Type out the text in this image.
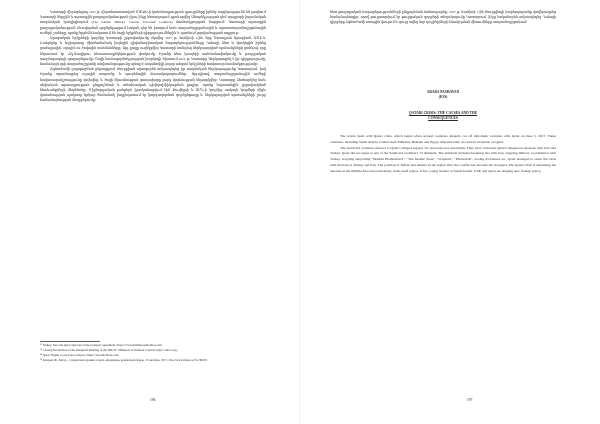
Կատարի վերաբերյալ 2015 թ. վերահաստատված ՄԱԳԽ-ի կանոնադրության դրույթները իրենց ազդեցությունն են թողնում Կատարի ներքին և արտաքին քաղաքականության վրա, ինչը հետագայում դրսևորվեց Ահաբեկչության դեմ պայքարի իսլամական ռազմական կոալիցիայում (The Islamic Military Counter Terrorism Coalition) մասնակցության հարցում։ Կատարի արտաքին քաղաքականության ձևավորման գործընթացում էական դեր են խաղում նաև տարածաշրջանային և արտատարածաշրջանային ուժերի շահերը, որոնք երբեմն հակասում են ծոցի երկրների դիրքորոշումներին և դառնում լարվածության աղբյուր։

Արաբական երկրների կողմից Կատարի շրջափակումը սկսվեց 2017 թ. հունիսի 5-ին, երբ Սաուդյան Արաբիան, ԱՄԷ-ն, Բահրեյնը և Եգիպտոսը միաժամանակ խզեցին դիվանագիտական հարաբերությունները Դոհայի հետ և փակեցին իրենց ցամաքային, օդային ու ծովային սահմանները։ Այդ քայլը ուղեկցվեց Կատարի հանդեպ ներկայացված պահանջների ցանկով, որը ներառում էր «Ալ-Ջազիրա» հեռուստաընկերության փակումը, Իրանի հետ կապերի սահմանափակումը և թուրքական ռազմաբազայի դադարեցումը։ Ծոցի համագործակցության խորհրդի նիստում 2022 թ. Կատարը ներկայացրել է իր դիրքորոշումը, համաձայն որի տարածաշրջանի անվտանգությունը պետք է ապահովվի բոլոր անդամ երկրների հավասար մասնակցությամբ։

Ճգնաժամի զարգացման ընթացքում Թուրքիան արագորեն ամրապնդեց իր ռազմական ներկայությունը Կատարում, իսկ Իրանը տրամադրեց օդային տարածք և պարենային մատակարարումներ։ Այդպիսով, տարածաշրջանային ուժերի հավասարակշռությունը փոխվեց, և ծոցի միասնության գաղափարը լուրջ փորձության ենթարկվեց։ Կատարը ձեռնարկեց նաև սեփական արտադրության ընդլայնման և տնտեսական դիվերսիֆիկացման քայլեր, որոնք նպաստեցին շրջափակման հետևանքների մեղմմանը։ Միջնորդական ջանքերն իրականացվում էին Քուվեյթի և ԱՄՆ-ի կողմից, սակայն կողմերի միջև վստահության պակասը երկար ժամանակ խոչընդոտում էր կարգավորման գործընթացը և ներկայացված պահանջների շուրջ համաձայնության ձեռքբերումը։

¹² Turkey, Iran and Qatar sign new trade-transport agreement, https://www.middleeastmonitor.com.

¹³ Closing Declaration of the Inaugural Meeting of the IMCTC Ministers of Defense Council, https://imctc.org.

¹⁴ Qatar: flights to use Iran's airspace, https://en.radiofarda.com.

¹⁵ Бахарев Ф., Катар – Саудовская Аравия: поиск «формулы» кризисной сферы, 13 октября, 2017, http://www.iimes.ru/?p=38183.

196

հետ քաղաքական հարաբերությունների ընդլայնման ճանապարհը։ 2017 թ. հունիսի 7-ին Թուրքիայի խորհրդարանը վավերացրեց համաձայնագիր, որով թույլատրվում էր թուրքական զորքերի տեղակայումը Կատարում, ինչը էականորեն ամրապնդեց Դոհայի դիրքերը ճգնաժամի առաջին փուլում և ցույց տվեց նոր դաշինքների ձևավորման միտումները տարածաշրջանում։

ARAKS PASHAYAN
(IOS)
QATARI CRISIS: THE CAUSES AND THE
CONSEQUENCES

The article deals with Qatari crisis, which began when several countries abruptly cut off diplomatic relations with Qatar on June 5, 2017. These countries, including Saudi Arabia, United Arab Emirates, Bahrain and Egypt, imposed land, sea and air blockade on Qatar.

The Saudi led coalition referred to Qatar's alleged support for terrorism and extremism. They have criticized Qatar's dangerous relations with Iran and Turkey. Qatar did not agree to any of the Saudi-led coalition's 13 demands. The demands included breaking ties with Iran, stopping military coordination with Turkey, stopping supporting "Muslim Brotherhood", "The Islamic State", "al-Qaeda", "Hezbollah", closing Al-Jazeera etc. Qatar managed to resist the crisis with the help of Turkey and Iran. The position of Tehran and Ankara in the region after the conflict has become the strongest. The Qatari crisis is deepening the tensions in the Middle East and particularly in the Gulf region. A few young leaders of Saudi Arabia, UAE and Qatar are shaping new foreign policy.

197
